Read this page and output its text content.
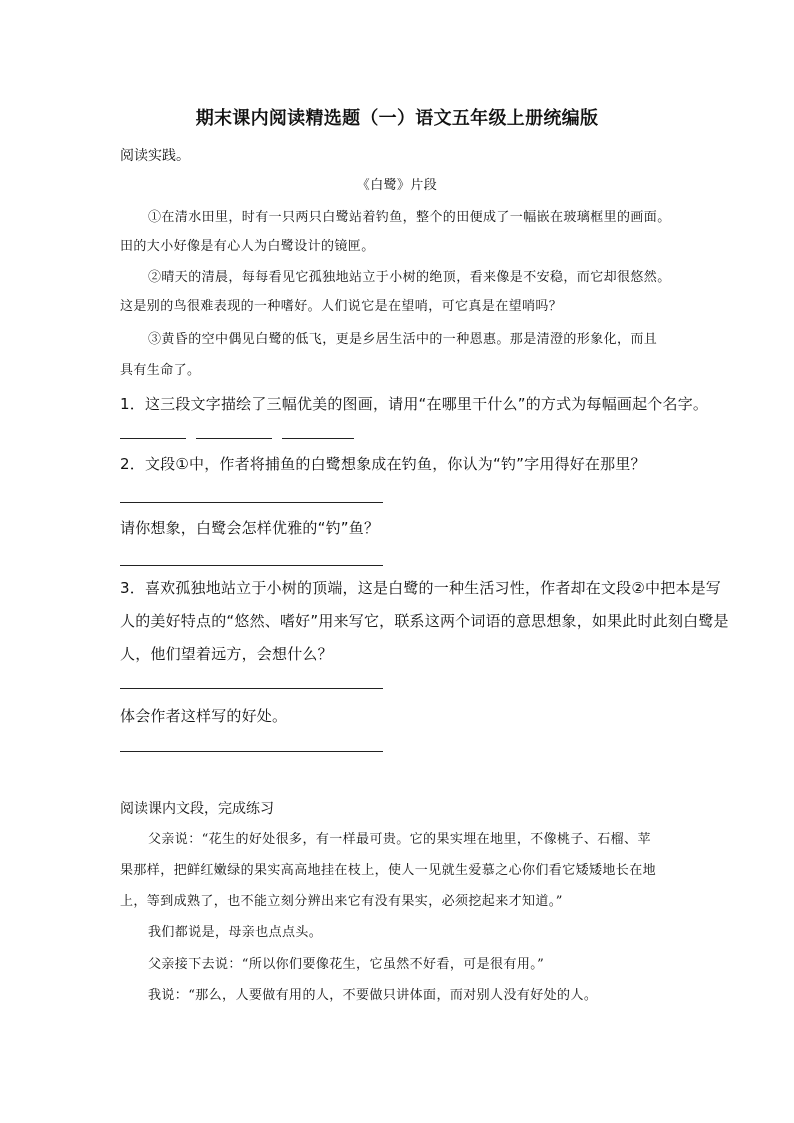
期末课内阅读精选题（一）语文五年级上册统编版
阅读实践。
《白鹭》片段
①在清水田里，时有一只两只白鹭站着钓鱼，整个的田便成了一幅嵌在玻璃框里的画面。
田的大小好像是有心人为白鹭设计的镜匣。
②晴天的清晨，每每看见它孤独地站立于小树的绝顶，看来像是不安稳，而它却很悠然。
这是别的鸟很难表现的一种嗜好。人们说它是在望哨，可它真是在望哨吗？
③黄昏的空中偶见白鹭的低飞，更是乡居生活中的一种恩惠。那是清澄的形象化，而且
具有生命了。
1．这三段文字描绘了三幅优美的图画，请用“在哪里干什么”的方式为每幅画起个名字。
2．文段①中，作者将捕鱼的白鹭想象成在钓鱼，你认为“钓”字用得好在那里？
请你想象，白鹭会怎样优雅的“钓”鱼？
3．喜欢孤独地站立于小树的顶端，这是白鹭的一种生活习性，作者却在文段②中把本是写
人的美好特点的“悠然、嗜好”用来写它，联系这两个词语的意思想象，如果此时此刻白鹭是
人，他们望着远方，会想什么？
体会作者这样写的好处。
阅读课内文段，完成练习
父亲说：“花生的好处很多，有一样最可贵。它的果实埋在地里，不像桃子、石榴、苹
果那样，把鲜红嫩绿的果实高高地挂在枝上，使人一见就生爱慕之心你们看它矮矮地长在地
上，等到成熟了，也不能立刻分辨出来它有没有果实，必须挖起来才知道。”
我们都说是，母亲也点点头。
父亲接下去说：“所以你们要像花生，它虽然不好看，可是很有用。”
我说：“那么，人要做有用的人，不要做只讲体面，而对别人没有好处的人。
